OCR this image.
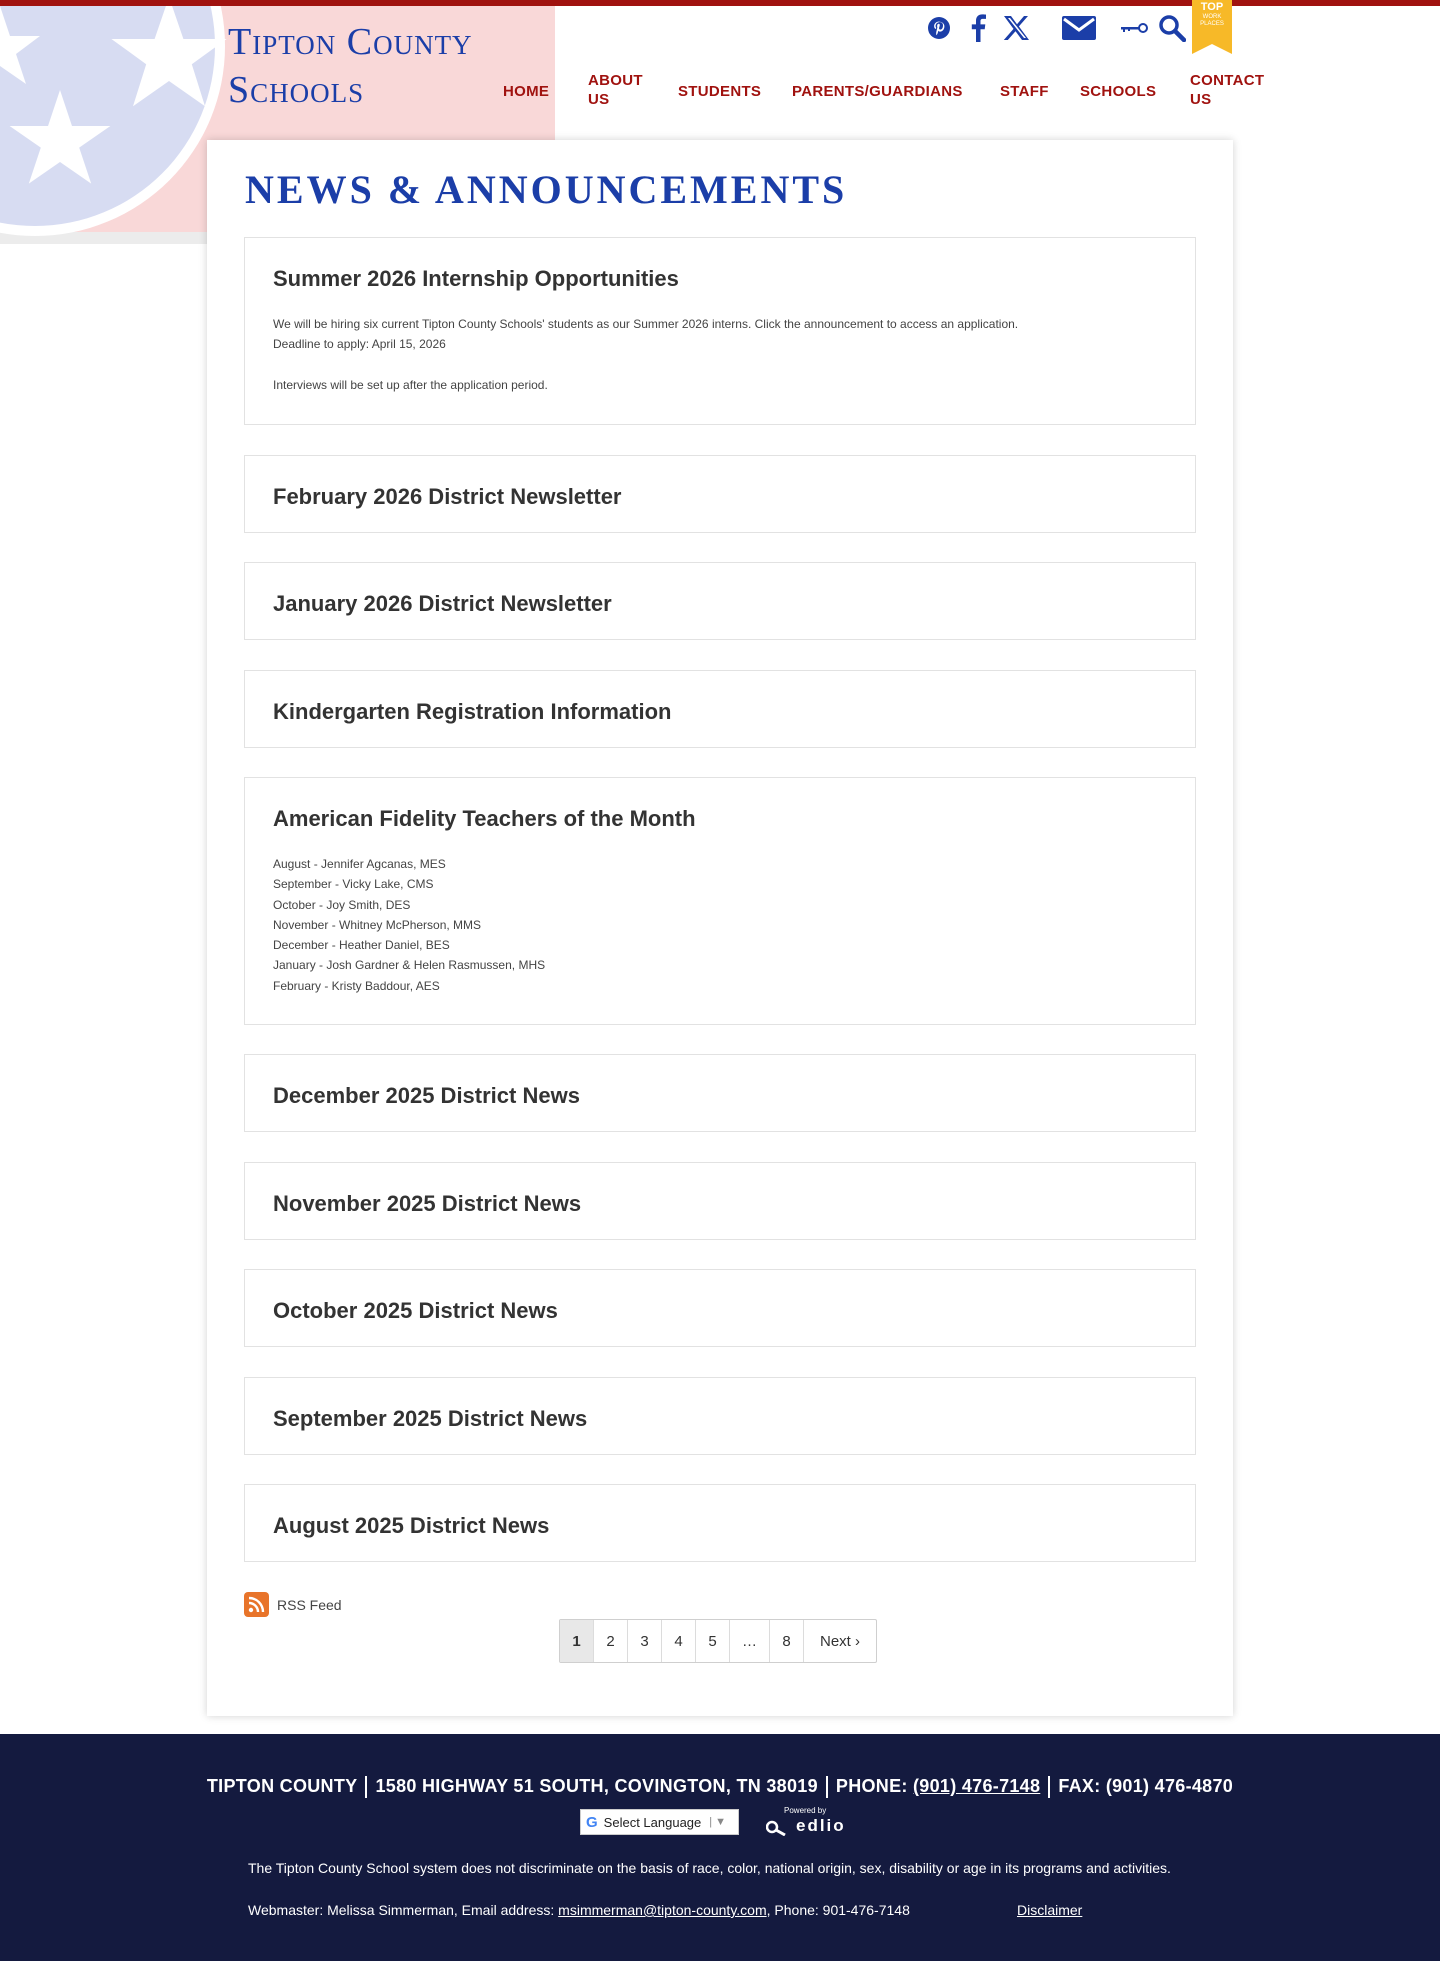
Tipton County
Schools
TOP
WORK PLACES
HOME
ABOUT
US	STUDENTS PARENTS/GUARDIANS STAFF SCHOOLS
CONTACT
US
NEWS & ANNOUNCEMENTS
Summer 2026 Internship Opportunities
We will be hiring six current Tipton County Schools' students as our Summer 2026 interns. Click the announcement to access an application.
Deadline to apply: April 15, 2026
Interviews will be set up after the application period.
February 2026 District Newsletter
January 2026 District Newsletter
Kindergarten Registration Information
American Fidelity Teachers of the Month
August - Jennifer Agcanas, MES
September - Vicky Lake, CMS
October - Joy Smith, DES
November - Whitney McPherson, MMS
December - Heather Daniel, BES
January - Josh Gardner & Helen Rasmussen, MHS
February - Kristy Baddour, AES
December 2025 District News
November 2025 District News
October 2025 District News
September 2025 District News
August 2025 District News
RSS Feed
1	2	3	4	5	…	8	Next ›
TIPTON COUNTY 1580 HIGHWAY 51 SOUTH, COVINGTON, TN 38019 PHONE: (901) 476-7148 FAX: (901) 476-4870
G Select Language | ▼
Powered by
edlio
The Tipton County School system does not discriminate on the basis of race, color, national origin, sex, disability or age in its programs and activities.
Webmaster: Melissa Simmerman, Email address: msimmerman@tipton-county.com, Phone: 901-476-7148	Disclaimer
